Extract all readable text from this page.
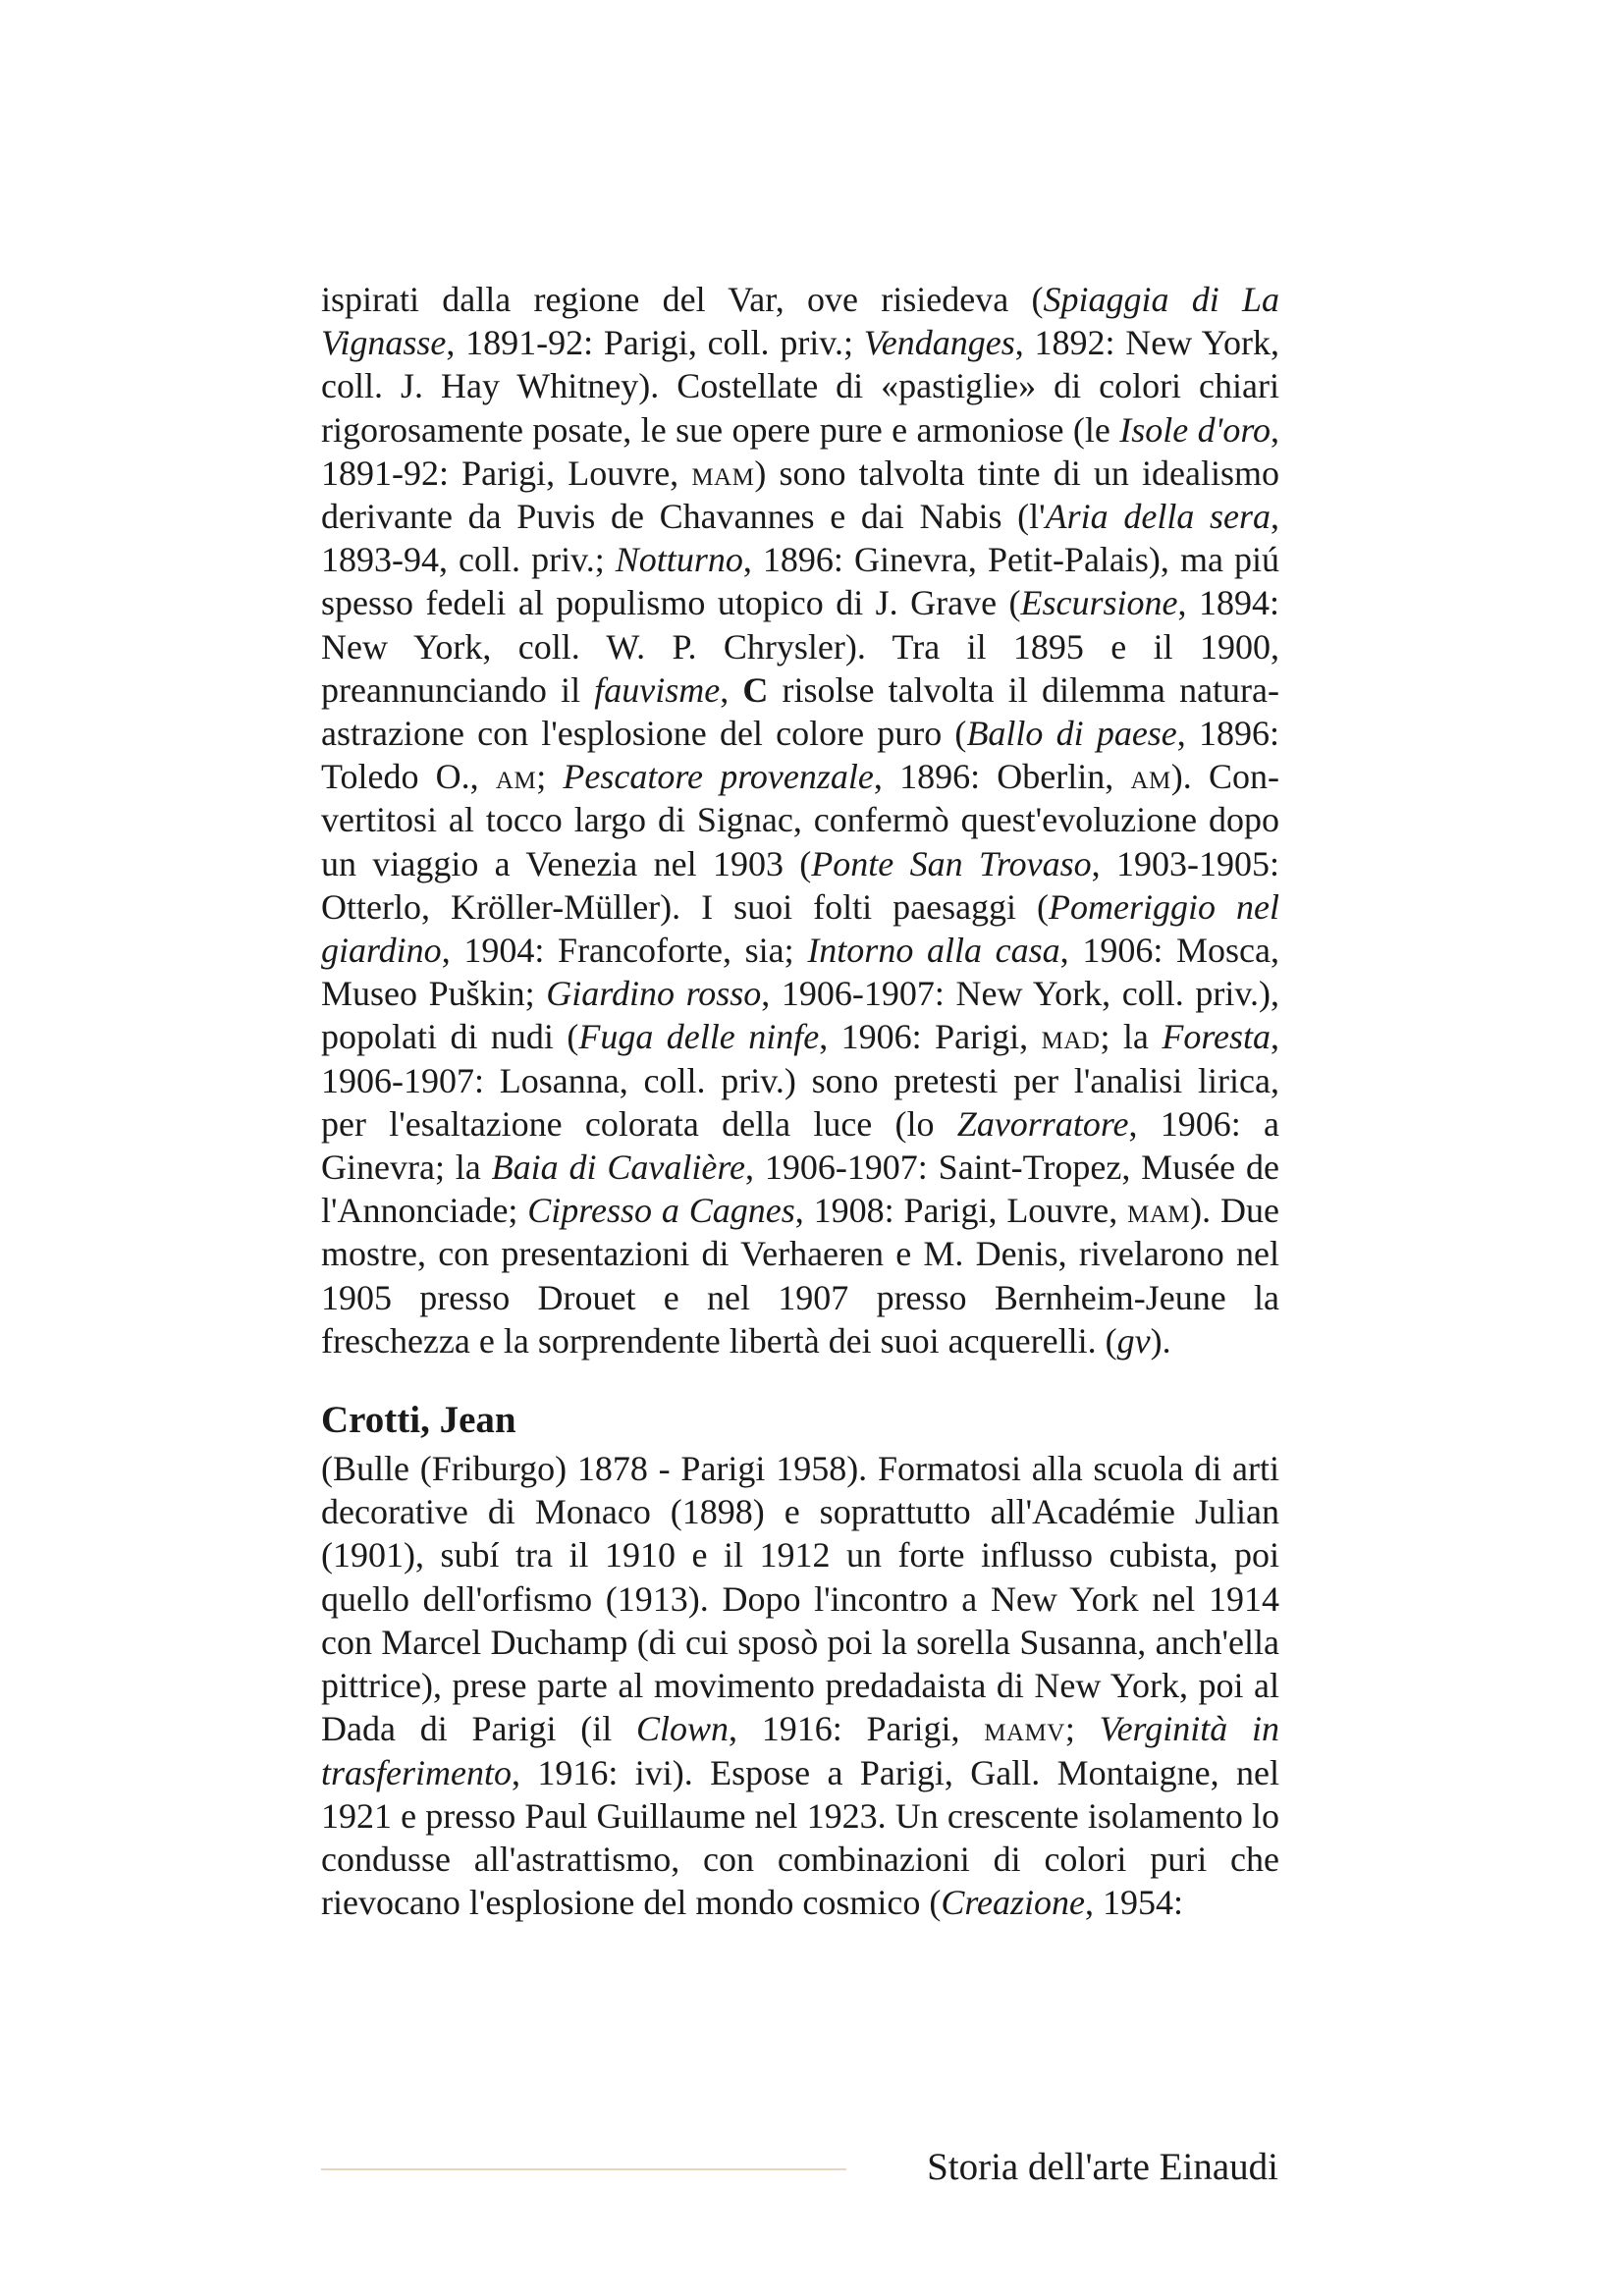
ispirati dalla regione del Var, ove risiedeva (Spiaggia di La Vignasse, 1891-92: Parigi, coll. priv.; Vendanges, 1892: New York, coll. J. Hay Whitney). Costellate di «pastiglie» di colori chiari rigorosamente posate, le sue opere pure e armoniose (le Isole d'oro, 1891-92: Parigi, Louvre, mam) sono talvolta tinte di un idealismo derivante da Puvis de Chavannes e dai Nabis (l'Aria della sera, 1893-94, coll. priv.; Notturno, 1896: Ginevra, Petit-Palais), ma piú spesso fedeli al populismo utopico di J. Grave (Escursione, 1894: New York, coll. W. P. Chrysler). Tra il 1895 e il 1900, preannunciando il fauvisme, C risolse talvolta il dilemma natura-astrazione con l'esplosione del colore puro (Ballo di paese, 1896: Toledo O., am; Pescatore provenzale, 1896: Oberlin, am). Convertitosi al tocco largo di Signac, confermò quest'evoluzione dopo un viaggio a Venezia nel 1903 (Ponte San Trovaso, 1903-1905: Otterlo, Kröller-Müller). I suoi folti paesaggi (Pomeriggio nel giardino, 1904: Francoforte, sia; Intorno alla casa, 1906: Mosca, Museo Puškin; Giardino rosso, 1906-1907: New York, coll. priv.), popolati di nudi (Fuga delle ninfe, 1906: Parigi, mad; la Foresta, 1906-1907: Losanna, coll. priv.) sono pretesti per l'analisi lirica, per l'esaltazione colorata della luce (lo Zavorratore, 1906: a Ginevra; la Baia di Cavalière, 1906-1907: Saint-Tropez, Musée de l'Annonciade; Cipresso a Cagnes, 1908: Parigi, Louvre, mam). Due mostre, con presentazioni di Verhaeren e M. Denis, rivelarono nel 1905 presso Drouet e nel 1907 presso Bernheim-Jeune la freschezza e la sorprendente libertà dei suoi acquerelli. (gv).

Crotti, Jean

(Bulle (Friburgo) 1878 - Parigi 1958). Formatosi alla scuola di arti decorative di Monaco (1898) e soprattutto all'Académie Julian (1901), subí tra il 1910 e il 1912 un forte influsso cubista, poi quello dell'orfismo (1913). Dopo l'incontro a New York nel 1914 con Marcel Duchamp (di cui sposò poi la sorella Susanna, anch'ella pittrice), prese parte al movimento predadaista di New York, poi al Dada di Parigi (il Clown, 1916: Parigi, mamv; Verginità in trasferimento, 1916: ivi). Espose a Parigi, Gall. Montaigne, nel 1921 e presso Paul Guillaume nel 1923. Un crescente isolamento lo condusse all'astrattismo, con combinazioni di colori puri che rievocano l'esplosione del mondo cosmico (Creazione, 1954:

Storia dell'arte Einaudi
